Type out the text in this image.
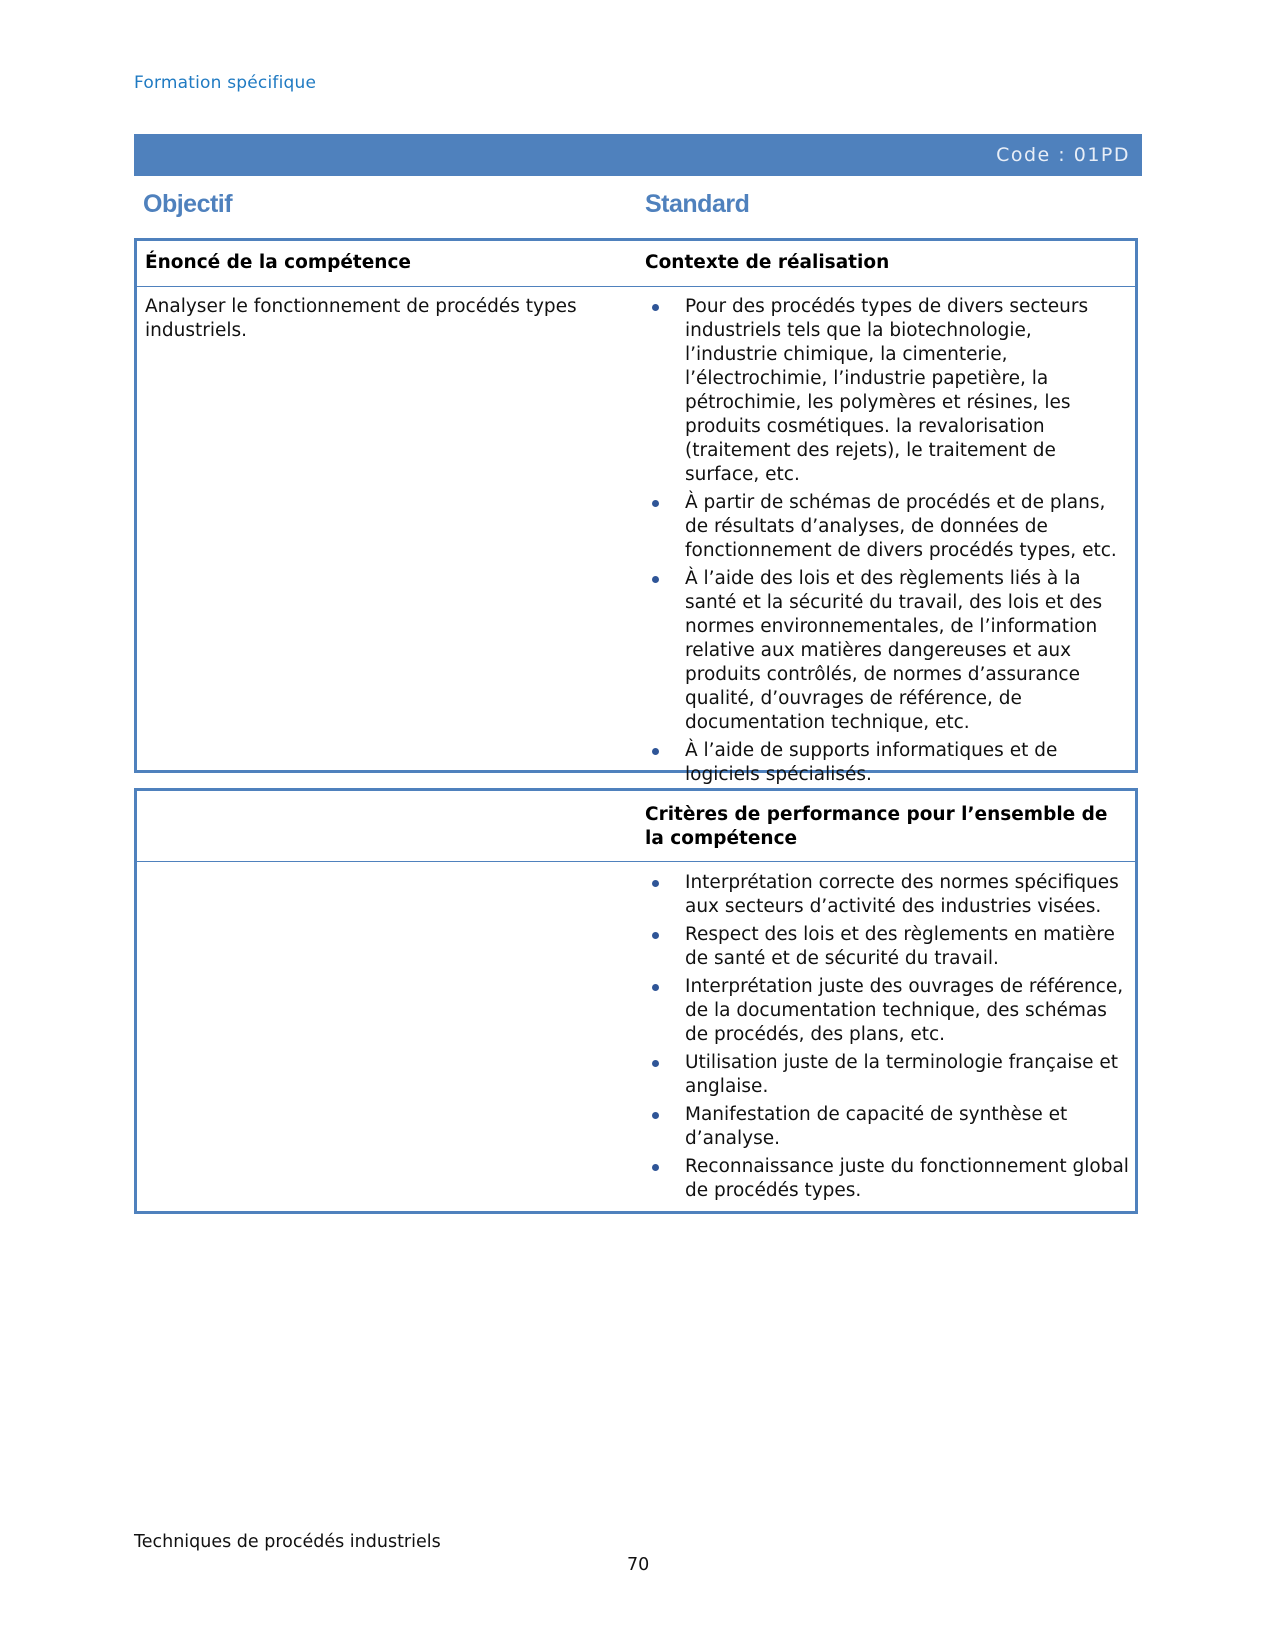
Formation spécifique
Code : 01PD
Objectif	Standard
Énoncé de la compétence	Contexte de réalisation
Analyser le fonctionnement de procédés types industriels.
Pour des procédés types de divers secteurs industriels tels que la biotechnologie, l’industrie chimique, la cimenterie, l’électrochimie, l’industrie papetière, la pétrochimie, les polymères et résines, les produits cosmétiques. la revalorisation (traitement des rejets), le traitement de surface, etc.
À partir de schémas de procédés et de plans, de résultats d’analyses, de données de fonctionnement de divers procédés types, etc.
À l’aide des lois et des règlements liés à la santé et la sécurité du travail, des lois et des normes environnementales, de l’information relative aux matières dangereuses et aux produits contrôlés, de normes d’assurance qualité, d’ouvrages de référence, de documentation technique, etc.
À l’aide de supports informatiques et de logiciels spécialisés.
Critères de performance pour l’ensemble de la compétence
Interprétation correcte des normes spécifiques aux secteurs d’activité des industries visées.
Respect des lois et des règlements en matière de santé et de sécurité du travail.
Interprétation juste des ouvrages de référence, de la documentation technique, des schémas de procédés, des plans, etc.
Utilisation juste de la terminologie française et anglaise.
Manifestation de capacité de synthèse et d’analyse.
Reconnaissance juste du fonctionnement global de procédés types.
Techniques de procédés industriels
70
